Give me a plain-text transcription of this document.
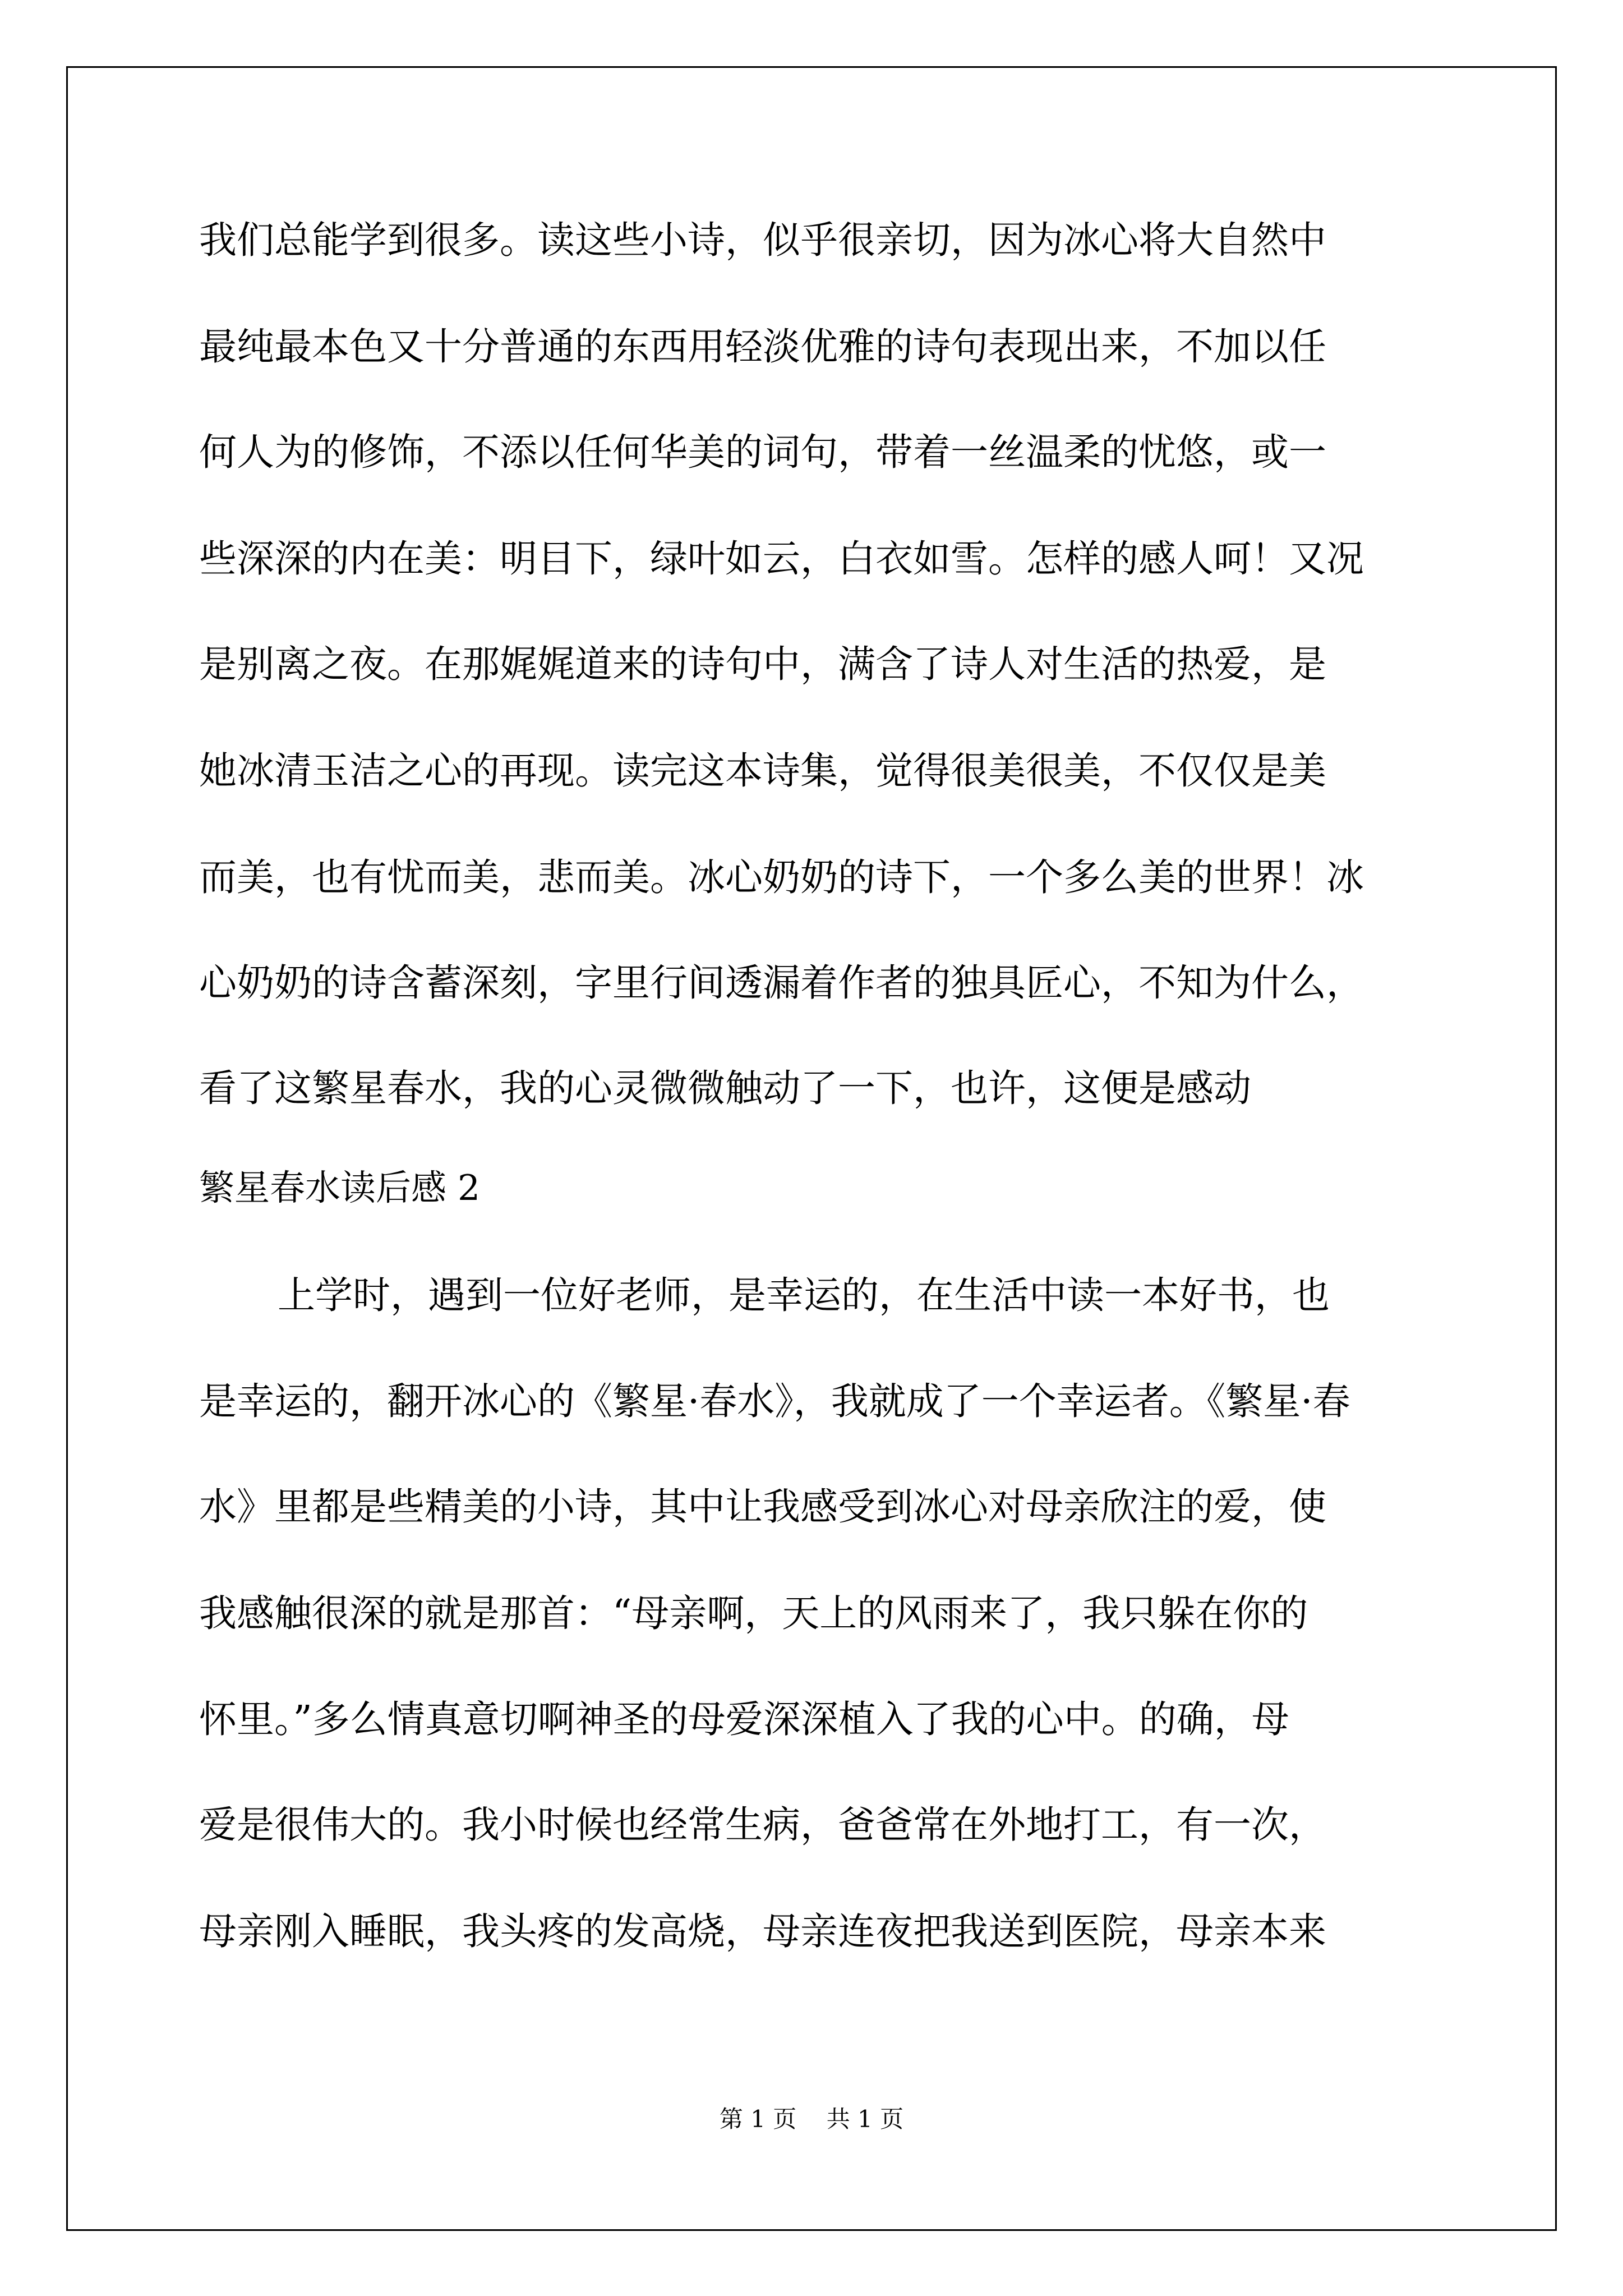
我们总能学到很多。读这些小诗，似乎很亲切，因为冰心将大自然中

最纯最本色又十分普通的东西用轻淡优雅的诗句表现出来，不加以任

何人为的修饰，不添以任何华美的词句，带着一丝温柔的忧悠，或一

些深深的内在美：明目下，绿叶如云，白衣如雪。怎样的感人呵！又况

是别离之夜。在那娓娓道来的诗句中，满含了诗人对生活的热爱，是

她冰清玉洁之心的再现。读完这本诗集，觉得很美很美，不仅仅是美

而美，也有忧而美，悲而美。冰心奶奶的诗下，一个多么美的世界！冰

心奶奶的诗含蓄深刻，字里行间透漏着作者的独具匠心，不知为什么，

看了这繁星春水，我的心灵微微触动了一下，也许，这便是感动

繁星春水读后感 2

上学时，遇到一位好老师，是幸运的，在生活中读一本好书，也

是幸运的，翻开冰心的《繁星·春水》，我就成了一个幸运者。《繁星·春

水》里都是些精美的小诗，其中让我感受到冰心对母亲欣注的爱，使

我感触很深的就是那首：“母亲啊，天上的风雨来了，我只躲在你的

怀里。”多么情真意切啊神圣的母爱深深植入了我的心中。的确，母

爱是很伟大的。我小时候也经常生病，爸爸常在外地打工，有一次，

母亲刚入睡眠，我头疼的发高烧，母亲连夜把我送到医院，母亲本来

第 1 页    共 1 页
